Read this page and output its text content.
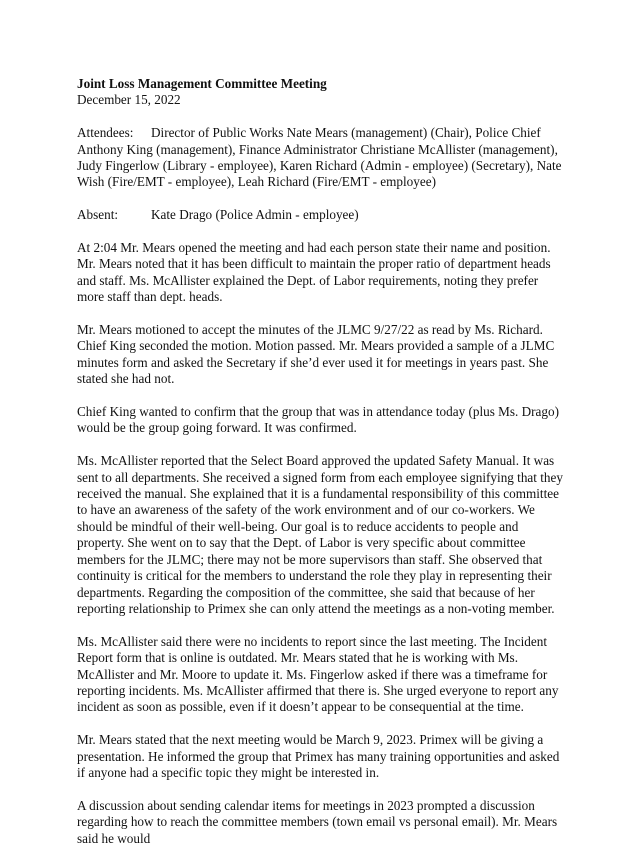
Joint Loss Management Committee Meeting
December 15, 2022

Attendees: Director of Public Works Nate Mears (management) (Chair), Police Chief Anthony King (management), Finance Administrator Christiane McAllister (management), Judy Fingerlow (Library - employee), Karen Richard (Admin - employee) (Secretary), Nate Wish (Fire/EMT - employee), Leah Richard (Fire/EMT - employee)

Absent: Kate Drago (Police Admin - employee)

At 2:04 Mr. Mears opened the meeting and had each person state their name and position. Mr. Mears noted that it has been difficult to maintain the proper ratio of department heads and staff. Ms. McAllister explained the Dept. of Labor requirements, noting they prefer more staff than dept. heads.

Mr. Mears motioned to accept the minutes of the JLMC 9/27/22 as read by Ms. Richard. Chief King seconded the motion. Motion passed. Mr. Mears provided a sample of a JLMC minutes form and asked the Secretary if she’d ever used it for meetings in years past. She stated she had not.

Chief King wanted to confirm that the group that was in attendance today (plus Ms. Drago) would be the group going forward. It was confirmed.

Ms. McAllister reported that the Select Board approved the updated Safety Manual. It was sent to all departments. She received a signed form from each employee signifying that they received the manual. She explained that it is a fundamental responsibility of this committee to have an awareness of the safety of the work environment and of our co-workers. We should be mindful of their well-being. Our goal is to reduce accidents to people and property. She went on to say that the Dept. of Labor is very specific about committee members for the JLMC; there may not be more supervisors than staff. She observed that continuity is critical for the members to understand the role they play in representing their departments. Regarding the composition of the committee, she said that because of her reporting relationship to Primex she can only attend the meetings as a non-voting member.

Ms. McAllister said there were no incidents to report since the last meeting. The Incident Report form that is online is outdated. Mr. Mears stated that he is working with Ms. McAllister and Mr. Moore to update it. Ms. Fingerlow asked if there was a timeframe for reporting incidents. Ms. McAllister affirmed that there is. She urged everyone to report any incident as soon as possible, even if it doesn’t appear to be consequential at the time.

Mr. Mears stated that the next meeting would be March 9, 2023. Primex will be giving a presentation. He informed the group that Primex has many training opportunities and asked if anyone had a specific topic they might be interested in.

A discussion about sending calendar items for meetings in 2023 prompted a discussion regarding how to reach the committee members (town email vs personal email). Mr. Mears said he would
